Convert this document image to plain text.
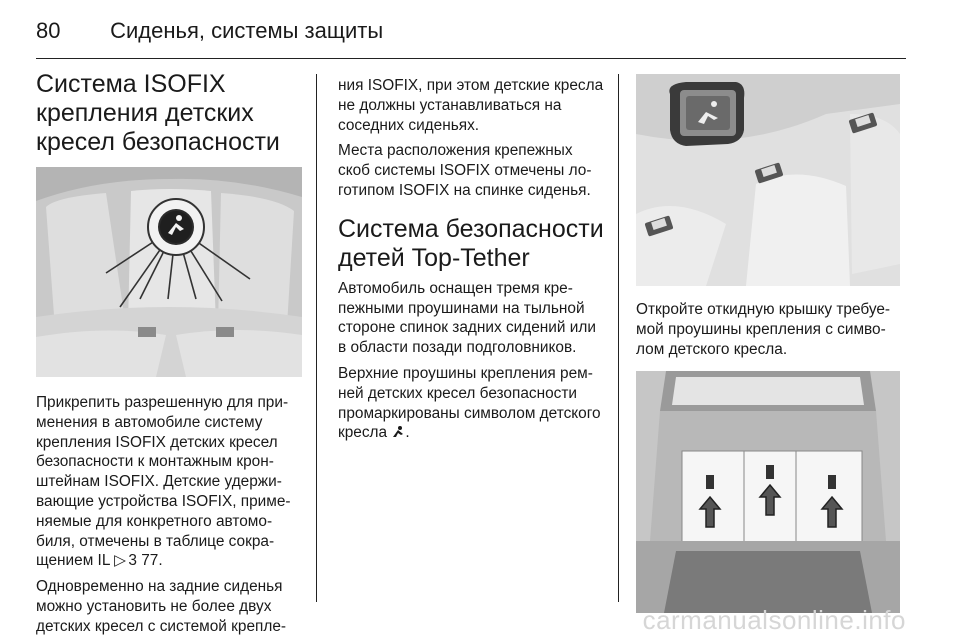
80 Сиденья, системы защиты
Система ISOFIX
крепления детских
кресел безопасности

Прикрепить разрешенную для применения в автомобиле систему крепления ISOFIX детских кресел безопасности к монтажным кронштейнам ISOFIX. Детские удерживающие устройства ISOFIX, применяемые для конкретного автомобиля, отмечены в таблице сокращением IL ▷ 3 77.

Одновременно на задние сиденья можно установить не более двух детских кресел с системой крепле-

ния ISOFIX, при этом детские кресла не должны устанавливаться на соседних сиденьях.

Места расположения крепежных скоб системы ISOFIX отмечены логотипом ISOFIX на спинке сиденья.

Система безопасности
детей Top-Tether

Автомобиль оснащен тремя крепежными проушинами на тыльной стороне спинок задних сидений или в области позади подголовников.

Верхние проушины крепления ремней детских кресел безопасности промаркированы символом детского кресла .

Откройте откидную крышку требуемой проушины крепления с символом детского кресла.

carmanualsonline.info
